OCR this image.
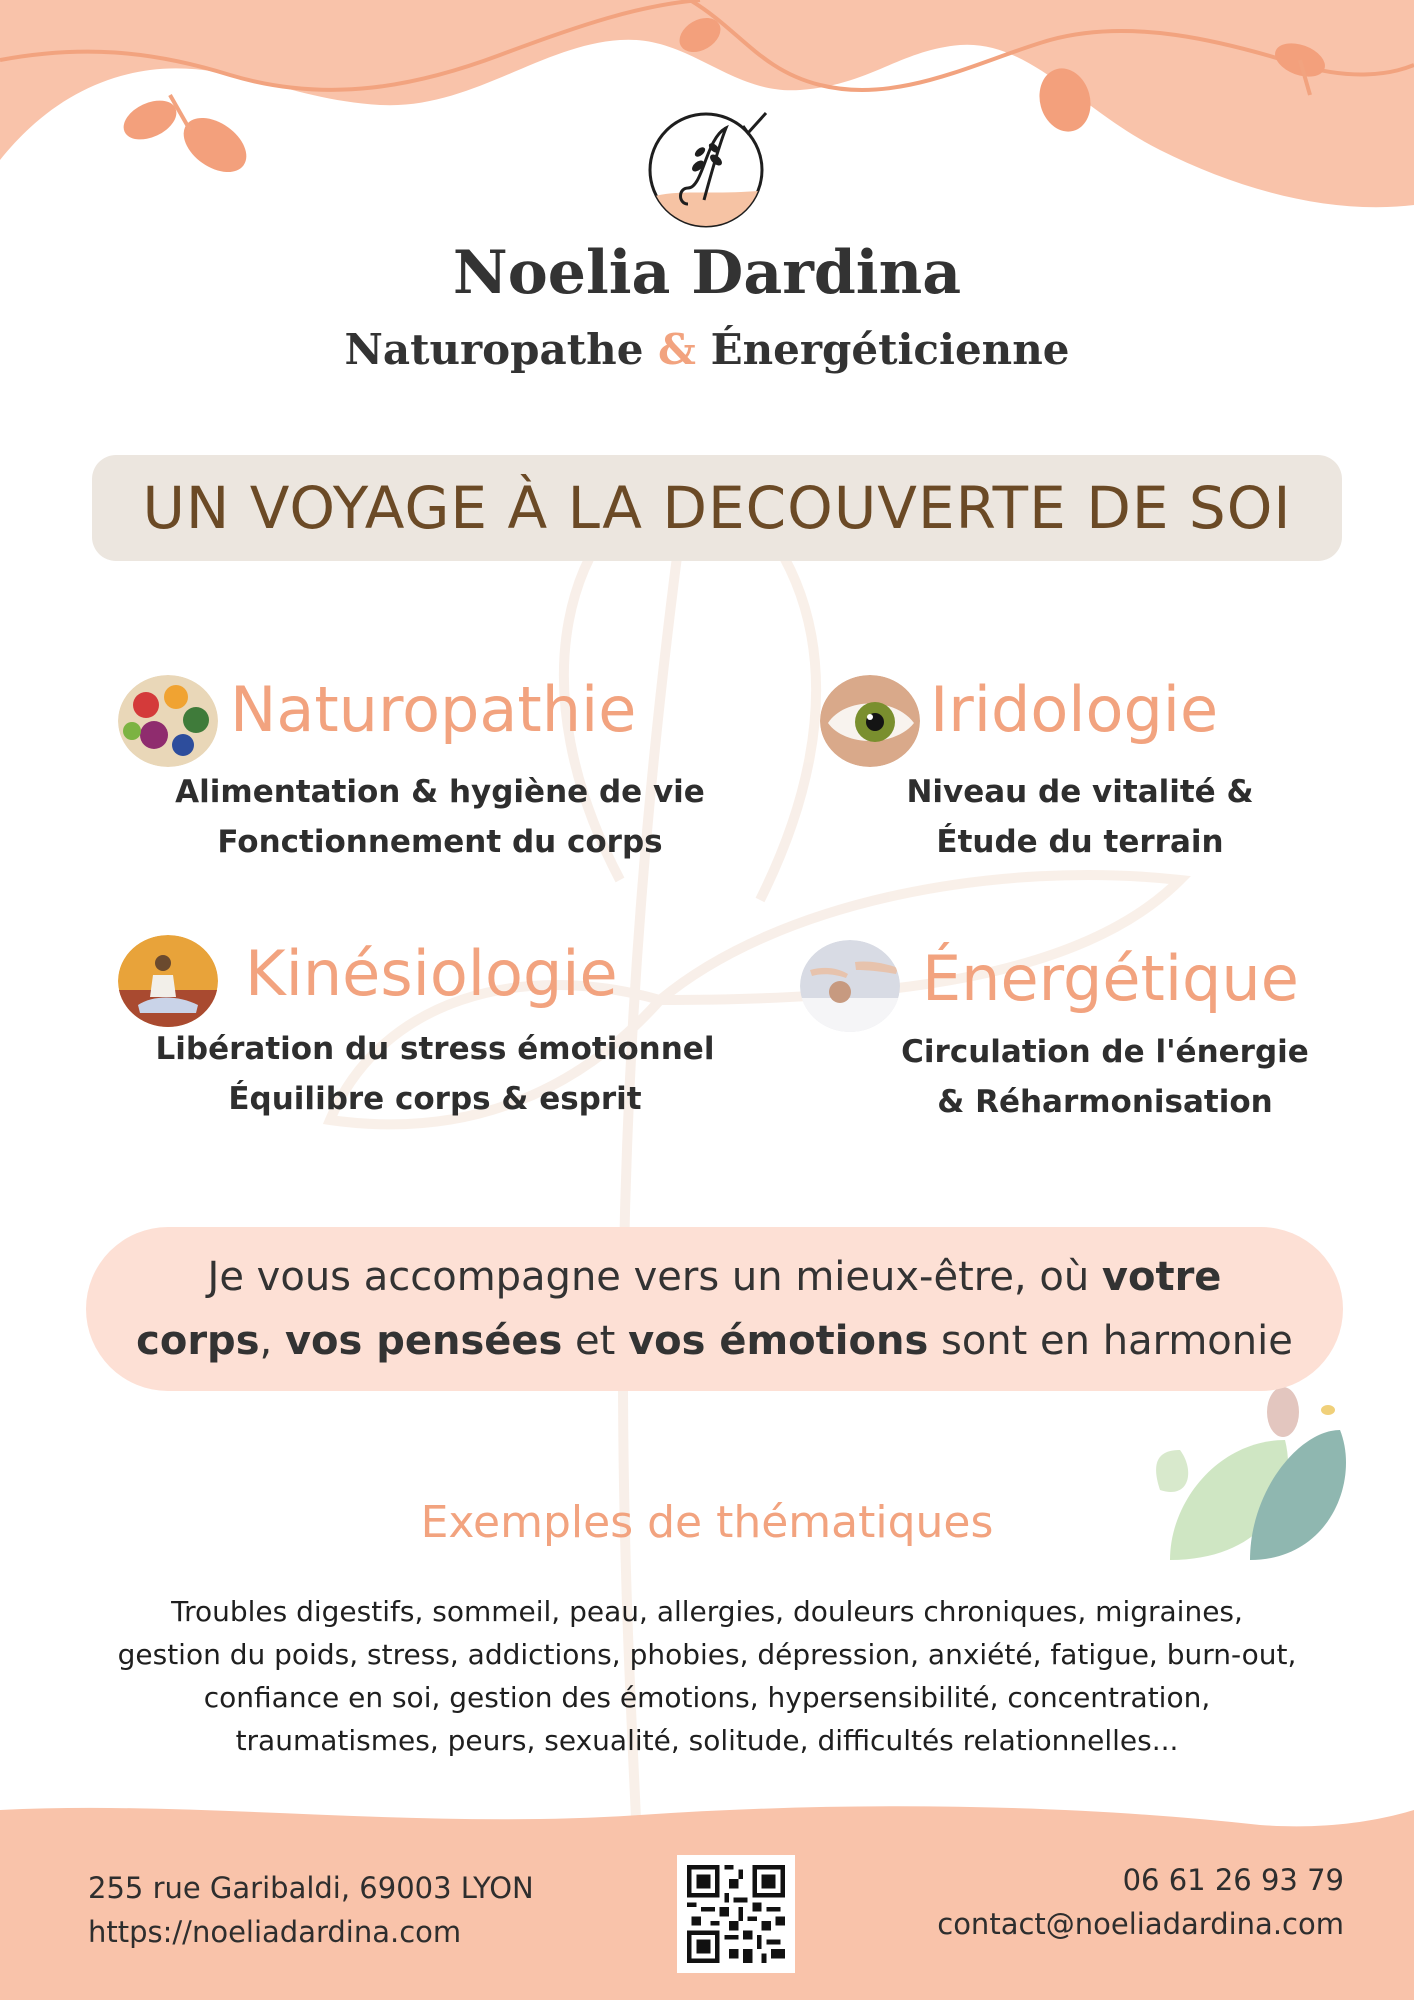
Noelia Dardina
Naturopathe & Énergéticienne
UN VOYAGE À LA DECOUVERTE DE SOI
Naturopathie
Alimentation & hygiène de vie
Fonctionnement du corps
Iridologie
Niveau de vitalité &
Étude du terrain
Kinésiologie
Libération du stress émotionnel
Équilibre corps & esprit
Énergétique
Circulation de l'énergie
& Réharmonisation
Je vous accompagne vers un mieux-être, où votre
corps, vos pensées et vos émotions sont en harmonie
Exemples de thématiques
Troubles digestifs, sommeil, peau, allergies, douleurs chroniques, migraines,
gestion du poids, stress, addictions, phobies, dépression, anxiété, fatigue, burn-out,
confiance en soi, gestion des émotions, hypersensibilité, concentration,
traumatismes, peurs, sexualité, solitude, difficultés relationnelles...
255 rue Garibaldi, 69003 LYON
https://noeliadardina.com
06 61 26 93 79
contact@noeliadardina.com
